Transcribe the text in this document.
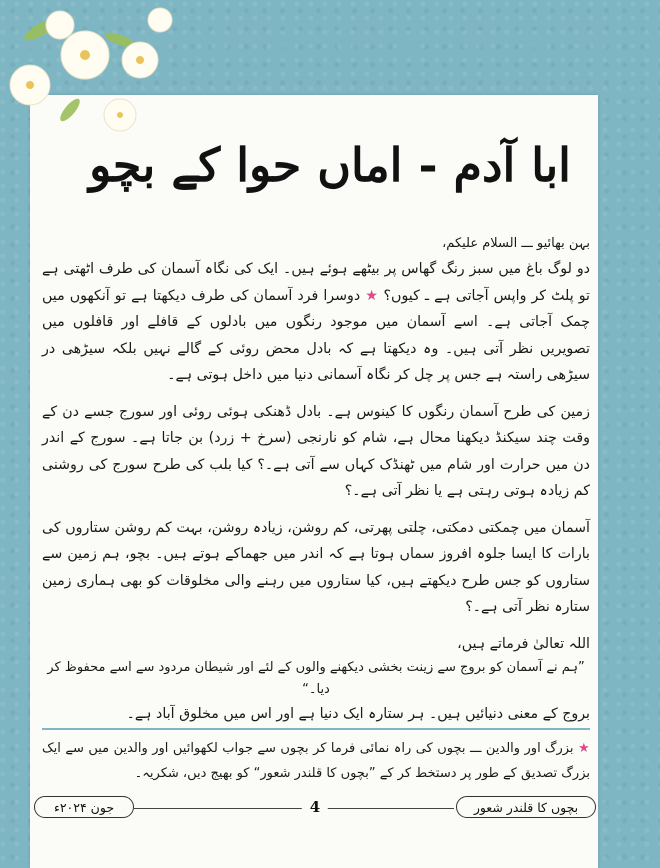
ابا آدم - اماں حوا کے بچو

بہن بھائیو ـــ السلام علیکم،

دو لوگ باغ میں سبز رنگ گھاس پر بیٹھے ہوئے ہیں۔ ایک کی نگاہ آسمان کی طرف اٹھتی ہے تو پلٹ کر واپس آجاتی ہے ـ کیوں؟ ★ دوسرا فرد آسمان کی طرف دیکھتا ہے تو آنکھوں میں چمک آجاتی ہے۔ اسے آسمان میں موجود رنگوں میں بادلوں کے قافلے اور قافلوں میں تصویریں نظر آتی ہیں۔ وہ دیکھتا ہے کہ بادل محض روئی کے گالے نہیں بلکہ سیڑھی در سیڑھی راستہ ہے جس پر چل کر نگاہ آسمانی دنیا میں داخل ہوتی ہے۔

زمین کی طرح آسمان رنگوں کا کینوس ہے۔ بادل ڈھنکی ہوئی روئی اور سورج جسے دن کے وقت چند سیکنڈ دیکھنا محال ہے، شام کو نارنجی (سرخ + زرد) بن جاتا ہے۔ سورج کے اندر دن میں حرارت اور شام میں ٹھنڈک کہاں سے آتی ہے۔؟ کیا بلب کی طرح سورج کی روشنی کم زیادہ ہوتی رہتی ہے یا نظر آتی ہے۔؟

آسمان میں چمکتی دمکتی، چلتی پھرتی، کم روشن، زیادہ روشن، بہت کم روشن ستاروں کی بارات کا ایسا جلوہ افروز سماں ہوتا ہے کہ اندر میں جھماکے ہوتے ہیں۔ بچو، ہم زمین سے ستاروں کو جس طرح دیکھتے ہیں، کیا ستاروں میں رہنے والی مخلوقات کو بھی ہماری زمین ستارہ نظر آتی ہے۔؟

اللہ تعالیٰ فرماتے ہیں،

”ہم نے آسمان کو بروج سے زینت بخشی دیکھنے والوں کے لئے اور شیطان مردود سے اسے محفوظ کر دیا۔“

بروج کے معنی دنیائیں ہیں۔ ہر ستارہ ایک دنیا ہے اور اس میں مخلوق آباد ہے۔

★ بزرگ اور والدین ـــ بچوں کی راہ نمائی فرما کر بچوں سے جواب لکھوائیں اور والدین میں سے ایک بزرگ تصدیق کے طور پر دستخط کر کے ”بچوں کا قلندر شعور“ کو بھیج دیں، شکریہ۔
بچوں کا قلندر شعور
4
جون ۲۰۲۴ء
